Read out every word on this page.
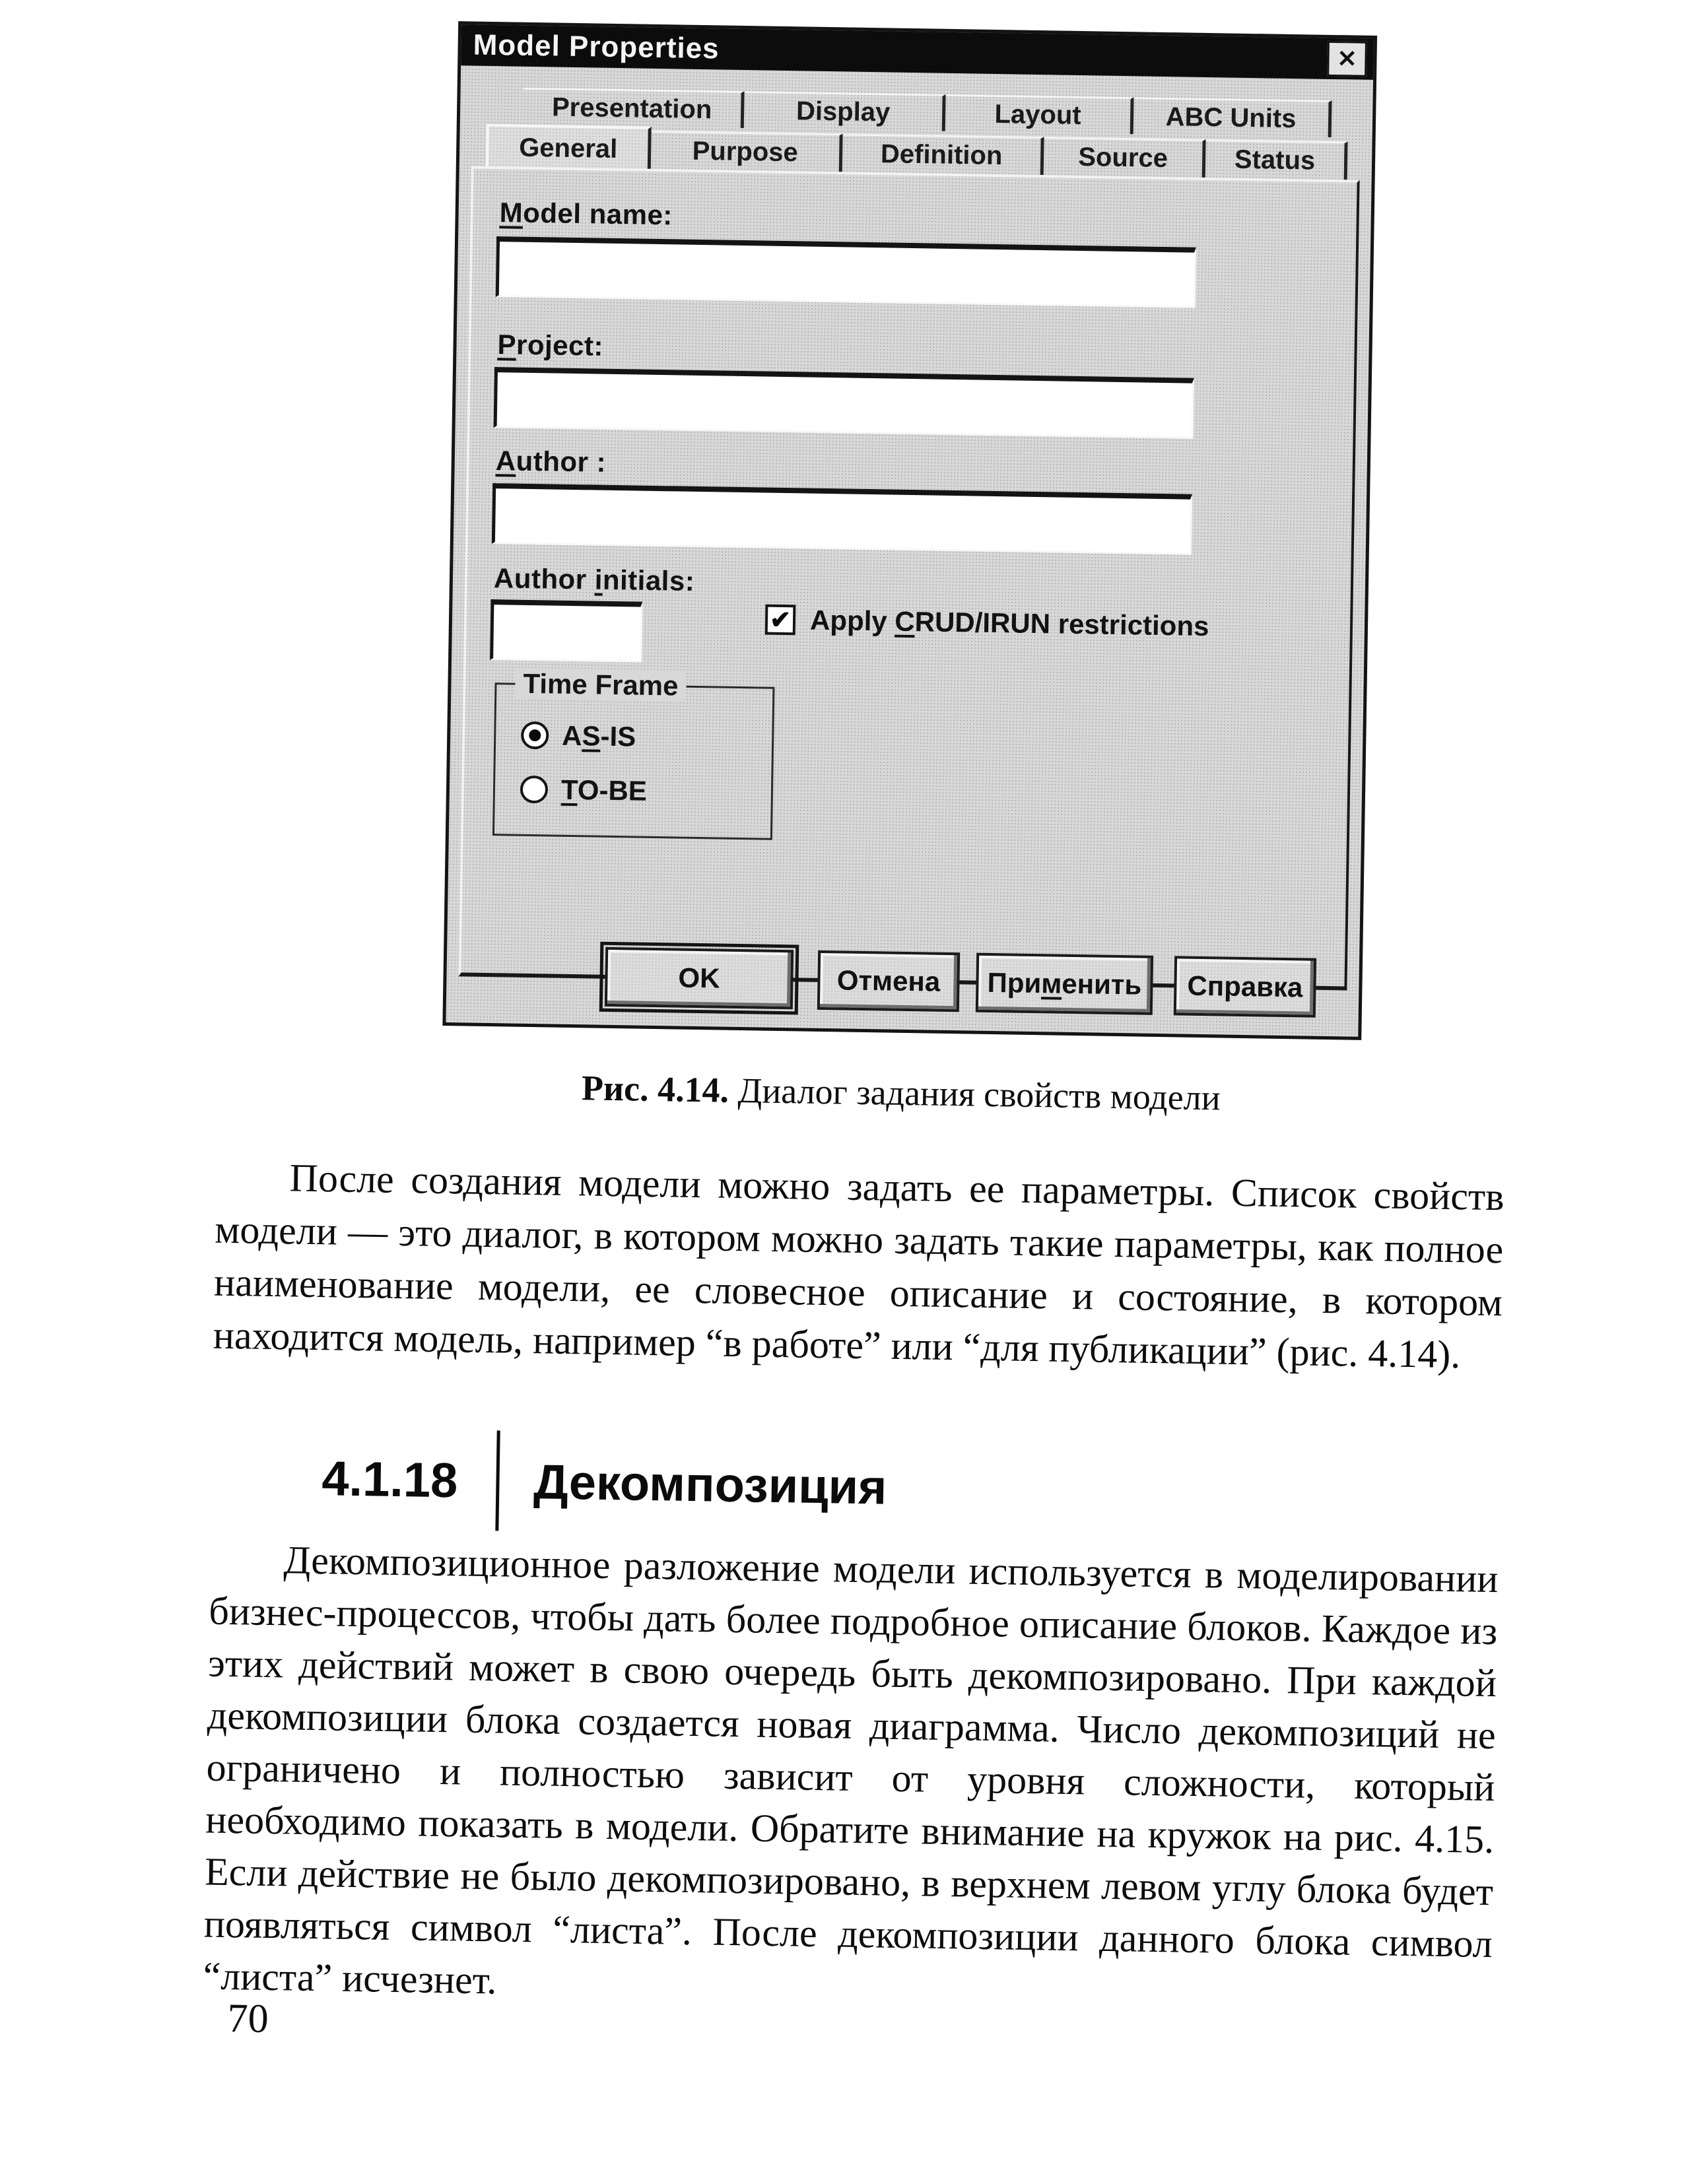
Model Properties	✕
Presentation	Display	Layout	ABC Units
General	Purpose	Definition	Source	Status
Model name:
Project:
Author :
Author initials:
✔ Apply CRUD/IRUN restrictions
Time Frame
AS-IS
TO-BE
OK	Отмена Применить Справка
Рис. 4.14. Диалог задания свойств модели
После создания модели можно задать ее параметры. Список свойств модели — это диалог, в котором можно задать такие параметры, как полное наименование модели, ее словесное описание и состояние, в котором находится модель, например “в работе” или “для публикации” (рис. 4.14).
4.1.18 Декомпозиция
Декомпозиционное разложение модели используется в моделировании бизнес-процессов, чтобы дать более подробное описание блоков. Каждое из этих действий может в свою очередь быть декомпозировано. При каждой декомпозиции блока создается новая диаграмма. Число декомпозиций не ограничено и полностью зависит от уровня сложности, который необходимо показать в модели. Обратите внимание на кружок на рис. 4.15. Если действие не было декомпозировано, в верхнем левом углу блока будет появляться символ “листа”. После декомпозиции данного блока символ “листа” исчезнет.
70
